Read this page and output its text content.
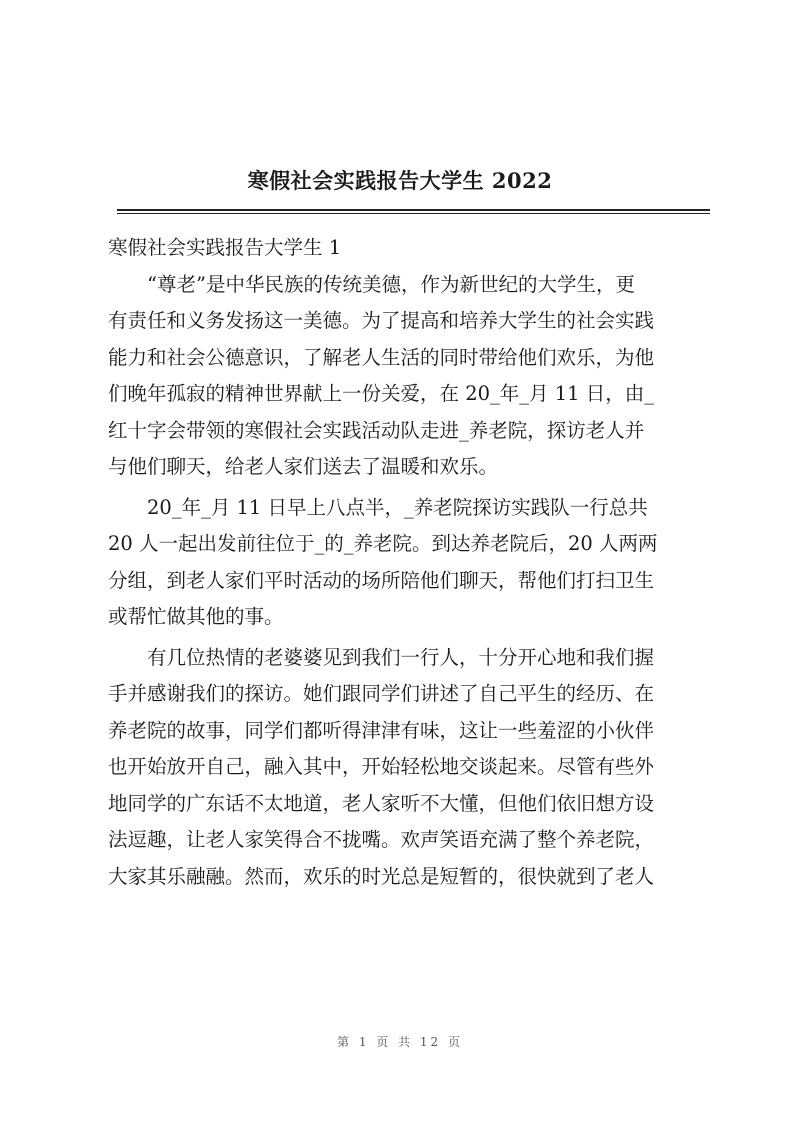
寒假社会实践报告大学生 2022

寒假社会实践报告大学生 1

“尊老”是中华民族的传统美德，作为新世纪的大学生，更
有责任和义务发扬这一美德。为了提高和培养大学生的社会实践
能力和社会公德意识，了解老人生活的同时带给他们欢乐，为他
们晚年孤寂的精神世界献上一份关爱，在 20_年_月 11 日，由_
红十字会带领的寒假社会实践活动队走进_养老院，探访老人并
与他们聊天，给老人家们送去了温暖和欢乐。
20_年_月 11 日早上八点半，_养老院探访实践队一行总共
20 人一起出发前往位于_的_养老院。到达养老院后，20 人两两
分组，到老人家们平时活动的场所陪他们聊天，帮他们打扫卫生
或帮忙做其他的事。
有几位热情的老婆婆见到我们一行人，十分开心地和我们握
手并感谢我们的探访。她们跟同学们讲述了自己平生的经历、在
养老院的故事，同学们都听得津津有味，这让一些羞涩的小伙伴
也开始放开自己，融入其中，开始轻松地交谈起来。尽管有些外
地同学的广东话不太地道，老人家听不大懂，但他们依旧想方设
法逗趣，让老人家笑得合不拢嘴。欢声笑语充满了整个养老院，
大家其乐融融。然而，欢乐的时光总是短暂的，很快就到了老人
第 1 页 共 12 页
